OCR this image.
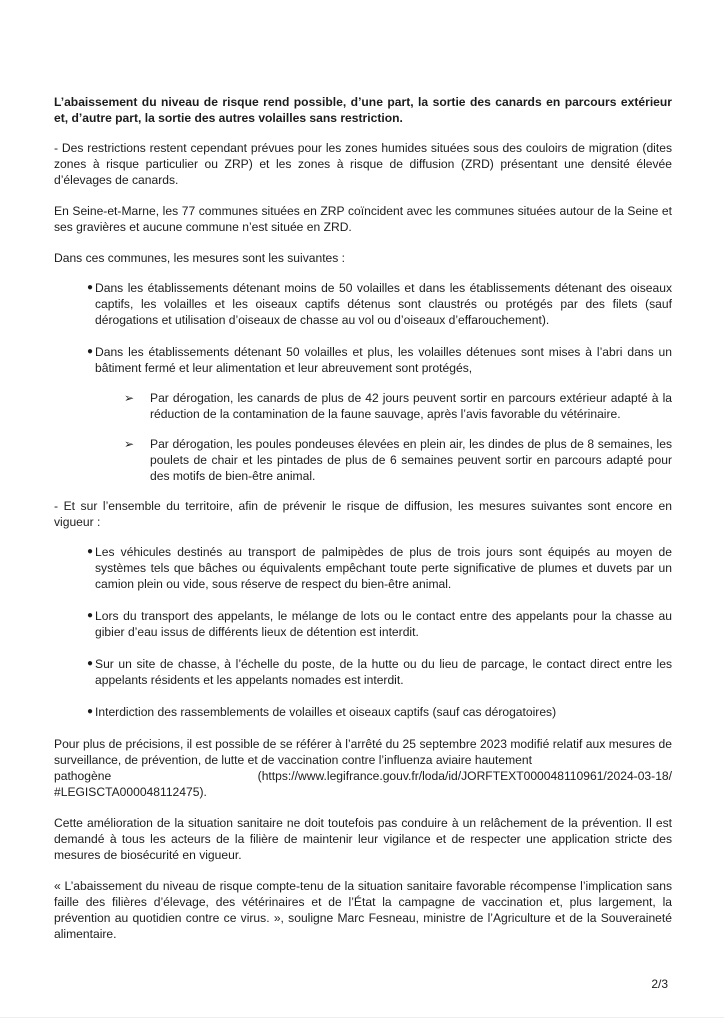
L’abaissement du niveau de risque rend possible, d’une part, la sortie des canards en parcours extérieur et, d’autre part, la sortie des autres volailles sans restriction.

- Des restrictions restent cependant prévues pour les zones humides situées sous des couloirs de migration (dites zones à risque particulier ou ZRP) et les zones à risque de diffusion (ZRD) présentant une densité élevée d’élevages de canards.

En Seine-et-Marne, les 77 communes situées en ZRP coïncident avec les communes situées autour de la Seine et ses gravières et aucune commune n’est située en ZRD.

Dans ces communes, les mesures sont les suivantes :

● Dans les établissements détenant moins de 50 volailles et dans les établissements détenant des oiseaux captifs, les volailles et les oiseaux captifs détenus sont claustrés ou protégés par des filets (sauf dérogations et utilisation d’oiseaux de chasse au vol ou d’oiseaux d’effarouchement).
● Dans les établissements détenant 50 volailles et plus, les volailles détenues sont mises à l’abri dans un bâtiment fermé et leur alimentation et leur abreuvement sont protégés,
➢ Par dérogation, les canards de plus de 42 jours peuvent sortir en parcours extérieur adapté à la réduction de la contamination de la faune sauvage, après l’avis favorable du vétérinaire.
➢ Par dérogation, les poules pondeuses élevées en plein air, les dindes de plus de 8 semaines, les poulets de chair et les pintades de plus de 6 semaines peuvent sortir en parcours adapté pour des motifs de bien-être animal.

- Et sur l’ensemble du territoire, afin de prévenir le risque de diffusion, les mesures suivantes sont encore en vigueur :

● Les véhicules destinés au transport de palmipèdes de plus de trois jours sont équipés au moyen de systèmes tels que bâches ou équivalents empêchant toute perte significative de plumes et duvets par un camion plein ou vide, sous réserve de respect du bien-être animal.
● Lors du transport des appelants, le mélange de lots ou le contact entre des appelants pour la chasse au gibier d’eau issus de différents lieux de détention est interdit.
● Sur un site de chasse, à l’échelle du poste, de la hutte ou du lieu de parcage, le contact direct entre les appelants résidents et les appelants nomades est interdit.
● Interdiction des rassemblements de volailles et oiseaux captifs (sauf cas dérogatoires)

Pour plus de précisions, il est possible de se référer à l’arrêté du 25 septembre 2023 modifié relatif aux mesures de surveillance, de prévention, de lutte et de vaccination contre l’influenza aviaire hautement

pathogène	(https://www.legifrance.gouv.fr/loda/id/JORFTEXT000048110961/2024-03-18/

#LEGISCTA000048112475).

Cette amélioration de la situation sanitaire ne doit toutefois pas conduire à un relâchement de la prévention. Il est demandé à tous les acteurs de la filière de maintenir leur vigilance et de respecter une application stricte des mesures de biosécurité en vigueur.

« L’abaissement du niveau de risque compte-tenu de la situation sanitaire favorable récompense l’implication sans faille des filières d’élevage, des vétérinaires et de l’État la campagne de vaccination et, plus largement, la prévention au quotidien contre ce virus. », souligne Marc Fesneau, ministre de l’Agriculture et de la Souveraineté alimentaire.

2/3
